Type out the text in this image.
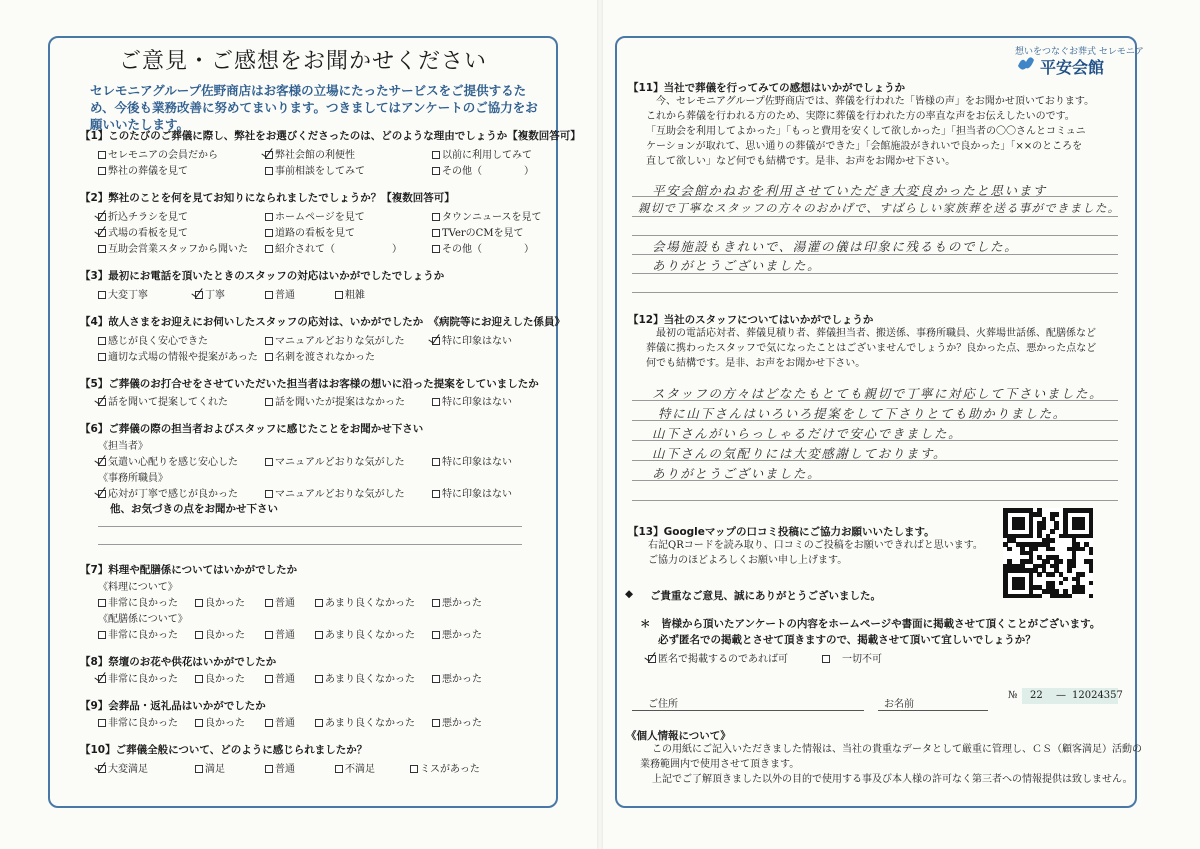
ご意見・ご感想をお聞かせください
セレモニアグループ佐野商店はお客様の立場にたったサービスをご提供するため、今後も業務改善に努めてまいります。つきましてはアンケートのご協力をお願いいたします。
【1】このたびのご葬儀に際し、弊社をお選びくださったのは、どのような理由でしょうか【複数回答可】
セレモニアの会員だから	弊社会館の利便性	以前に利用してみて
弊社の葬儀を見て	事前相談をしてみて	その他（	）
【2】弊社のことを何を見てお知りになられましたでしょうか？【複数回答可】
折込チラシを見て	ホームページを見て	タウンニュースを見て
式場の看板を見て	道路の看板を見て	TVerのCMを見て
互助会営業スタッフから聞いた	紹介されて（	）	その他（	）
【3】最初にお電話を頂いたときのスタッフの対応はいかがでしたでしょうか
大変丁寧	丁寧	普通	粗雑
【4】故人さまをお迎えにお伺いしたスタッフの応対は、いかがでしたか　《病院等にお迎えした係員》
感じが良く安心できた	マニュアルどおりな気がした	特に印象はない
適切な式場の情報や提案があった	名刺を渡されなかった
【5】ご葬儀のお打合せをさせていただいた担当者はお客様の想いに沿った提案をしていましたか
話を聞いて提案してくれた	話を聞いたが提案はなかった	特に印象はない
【6】ご葬儀の際の担当者およびスタッフに感じたことをお聞かせ下さい
《担当者》
気遣い心配りを感じ安心した	マニュアルどおりな気がした	特に印象はない
《事務所職員》
応対が丁寧で感じが良かった	マニュアルどおりな気がした	特に印象はない
他、お気づきの点をお聞かせ下さい
【7】料理や配膳係についてはいかがでしたか
《料理について》
非常に良かった	良かった	普通	あまり良くなかった	悪かった
《配膳係について》
非常に良かった	良かった	普通	あまり良くなかった	悪かった
【8】祭壇のお花や供花はいかがでしたか
非常に良かった	良かった	普通	あまり良くなかった	悪かった
【9】会葬品・返礼品はいかがでしたか
非常に良かった	良かった	普通	あまり良くなかった	悪かった
【10】ご葬儀全般について、どのように感じられましたか？
大変満足	満足	普通	不満足	ミスがあった
想いをつなぐお葬式 セレモニア
平安会館
【11】当社で葬儀を行ってみての感想はいかがでしょうか
今、セレモニアグループ佐野商店では、葬儀を行われた「皆様の声」をお聞かせ頂いております。
これから葬儀を行われる方のため、実際に葬儀を行われた方の率直な声をお伝えしたいのです。
「互助会を利用してよかった」「もっと費用を安くして欲しかった」「担当者の〇〇さんとコミュニ
ケーションが取れて、思い通りの葬儀ができた」「会館施設がきれいで良かった」「××のところを
直して欲しい」など何でも結構です。是非、お声をお聞かせ下さい。
平安会館かねおを利用させていただき大変良かったと思います
親切で丁寧なスタッフの方々のおかげで、すばらしい家族葬を送る事ができました。
会場施設もきれいで、湯灌の儀は印象に残るものでした。
ありがとうございました。
【12】当社のスタッフについてはいかがでしょうか
最初の電話応対者、葬儀見積り者、葬儀担当者、搬送係、事務所職員、火葬場世話係、配膳係など
葬儀に携わったスタッフで気になったことはございませんでしょうか？良かった点、悪かった点など
何でも結構です。是非、お声をお聞かせ下さい。
スタッフの方々はどなたもとても親切で丁寧に対応して下さいました。
特に山下さんはいろいろ提案をして下さりとても助かりました。
山下さんがいらっしゃるだけで安心できました。
山下さんの気配りには大変感謝しております。
ありがとうございました。
【13】Googleマップの口コミ投稿にご協力お願いいたします。
右記QRコードを読み取り、口コミのご投稿をお願いできればと思います。
ご協力のほどよろしくお願い申し上げます。
◆ ご貴重なご意見、誠にありがとうございました。
＊　皆様から頂いたアンケートの内容をホームページや書面に掲載させて頂くことがございます。
必ず匿名での掲載とさせて頂きますので、掲載させて頂いて宜しいでしょうか？
匿名で掲載するのであれば可	一切不可
ご住所	お名前
№ 22 — 12024357
《個人情報について》
この用紙にご記入いただきました情報は、当社の貴重なデータとして厳重に管理し、ＣＳ（顧客満足）活動の
業務範囲内で使用させて頂きます。
上記でご了解頂きました以外の目的で使用する事及び本人様の許可なく第三者への情報提供は致しません。
